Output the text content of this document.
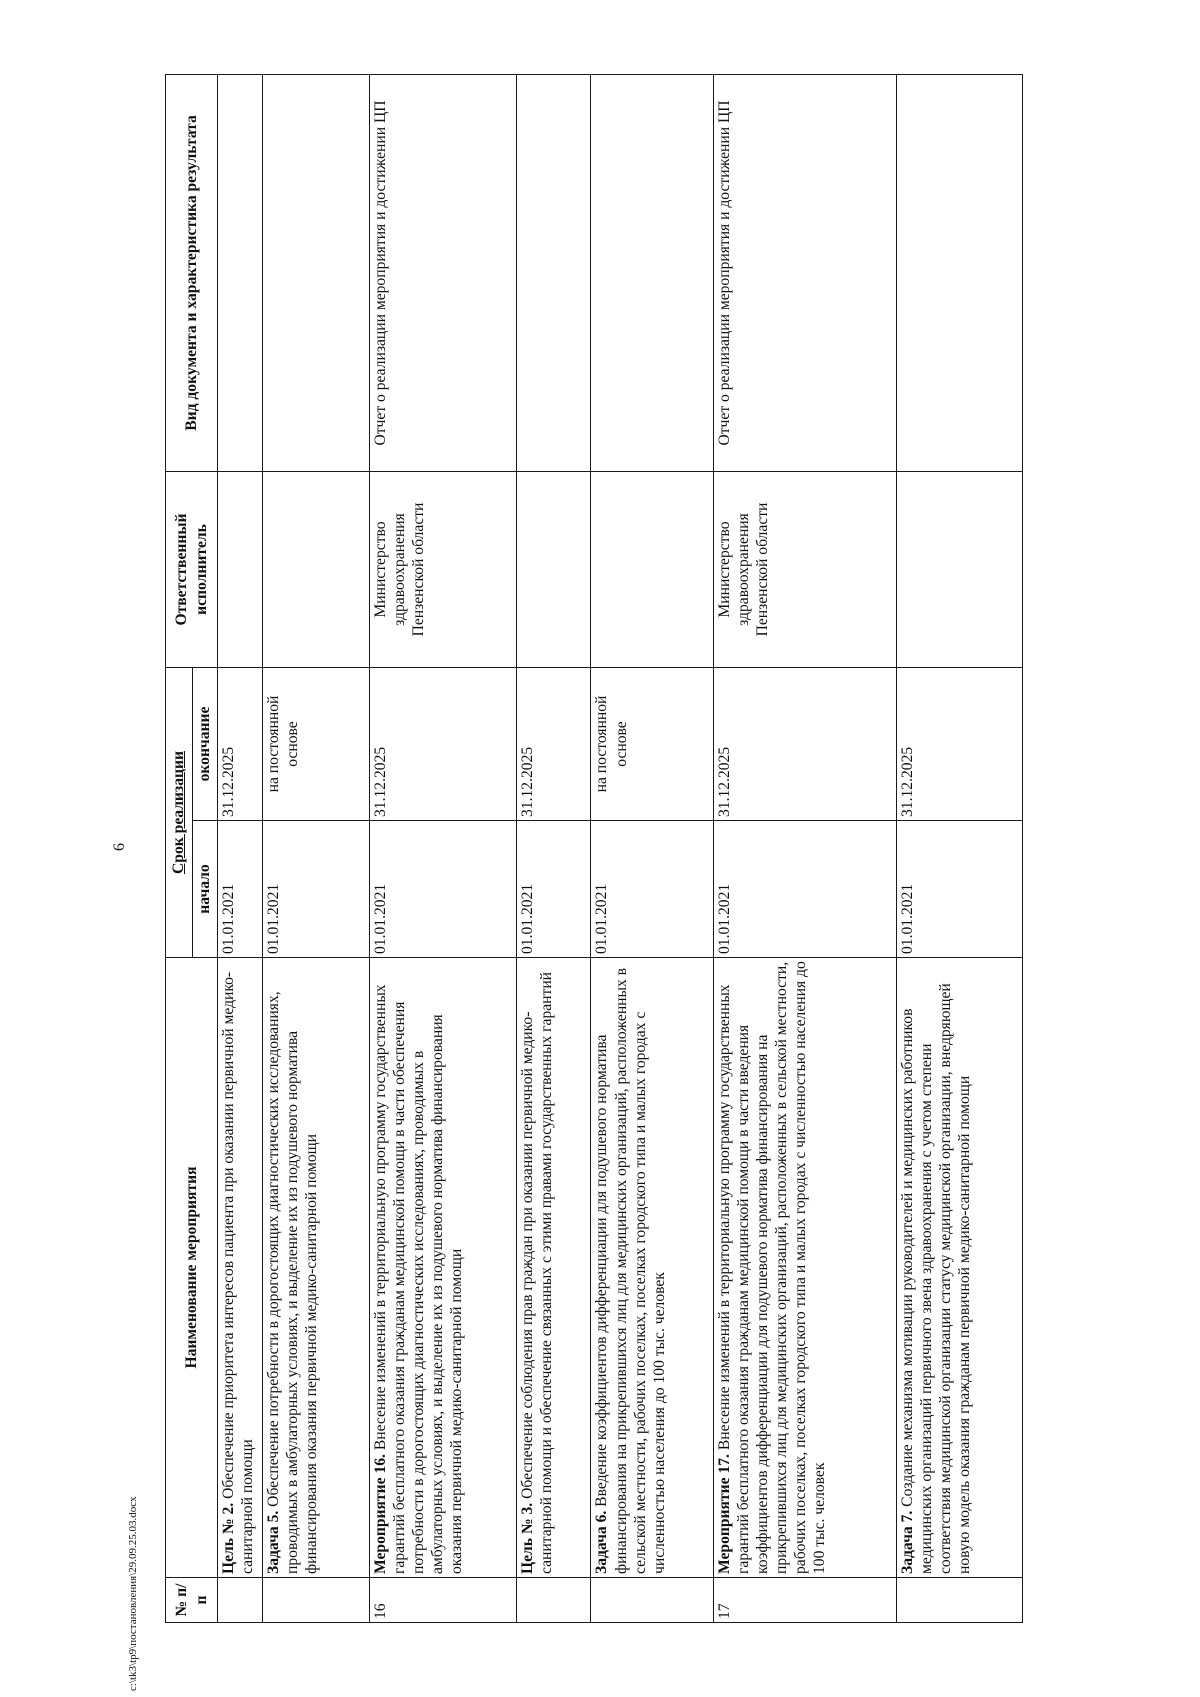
6
№ п/п	Наименование мероприятия	Срок реализации		Ответственный исполнитель	Вид документа и характеристика результата
		начало	окончание		
	Цель № 2. Обеспечение приоритета интересов пациента при оказании первичной медико-санитарной помощи	01.01.2021	31.12.2025		
	Задача 5. Обеспечение потребности в дорогостоящих диагностических исследованиях, проводимых в амбулаторных условиях, и выделение их из подушевого норматива финансирования оказания первичной медико-санитарной помощи	01.01.2021	на постоянной основе		
16	Мероприятие 16. Внесение изменений в территориальную программу государственных гарантий бесплатного оказания гражданам медицинской помощи в части обеспечения потребности в дорогостоящих диагностических исследованиях, проводимых в амбулаторных условиях, и выделение их из подушевого норматива финансирования оказания первичной медико-санитарной помощи	01.01.2021	31.12.2025	Министерство здравоохранения Пензенской области	Отчет о реализации мероприятия и достижении ЦП
	Цель № 3. Обеспечение соблюдения прав граждан при оказании первичной медико-санитарной помощи и обеспечение связанных с этими правами государственных гарантий	01.01.2021	31.12.2025		
	Задача 6. Введение коэффициентов дифференциации для подушевого норматива финансирования на прикрепившихся лиц для медицинских организаций, расположенных в сельской местности, рабочих поселках, поселках городского типа и малых городах с численностью населения до 100 тыс. человек	01.01.2021	на постоянной основе		
17	Мероприятие 17. Внесение изменений в территориальную программу государственных гарантий бесплатного оказания гражданам медицинской помощи в части введения коэффициентов дифференциации для подушевого норматива финансирования на прикрепившихся лиц для медицинских организаций, расположенных в сельской местности, рабочих поселках, поселках городского типа и малых городах с численностью населения до 100 тыс. человек	01.01.2021	31.12.2025	Министерство здравоохранения Пензенской области	Отчет о реализации мероприятия и достижении ЦП
	Задача 7. Создание механизма мотивации руководителей и медицинских работников медицинских организаций первичного звена здравоохранения с учетом степени соответствия медицинской организации статусу медицинской организации, внедряющей новую модель оказания гражданам первичной медико-санитарной помощи	01.01.2021	31.12.2025		
c:\tk3\tp9\постановления\29.09.25.03.docx
